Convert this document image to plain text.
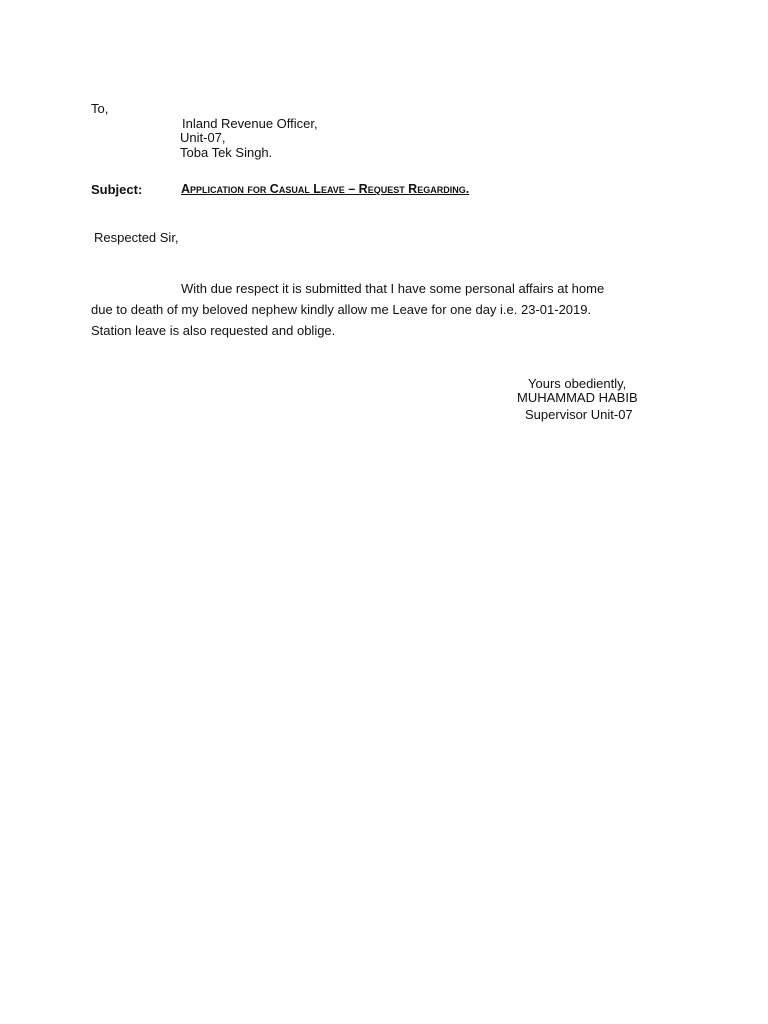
To,
Inland Revenue Officer,
Unit-07,
Toba Tek Singh.
Subject:	Application for Casual Leave – Request Regarding.
Respected Sir,
With due respect it is submitted that I have some personal affairs at home
due to death of my beloved nephew kindly allow me Leave for one day i.e. 23-01-2019.
Station leave is also requested and oblige.
Yours obediently,
MUHAMMAD HABIB
Supervisor Unit-07
